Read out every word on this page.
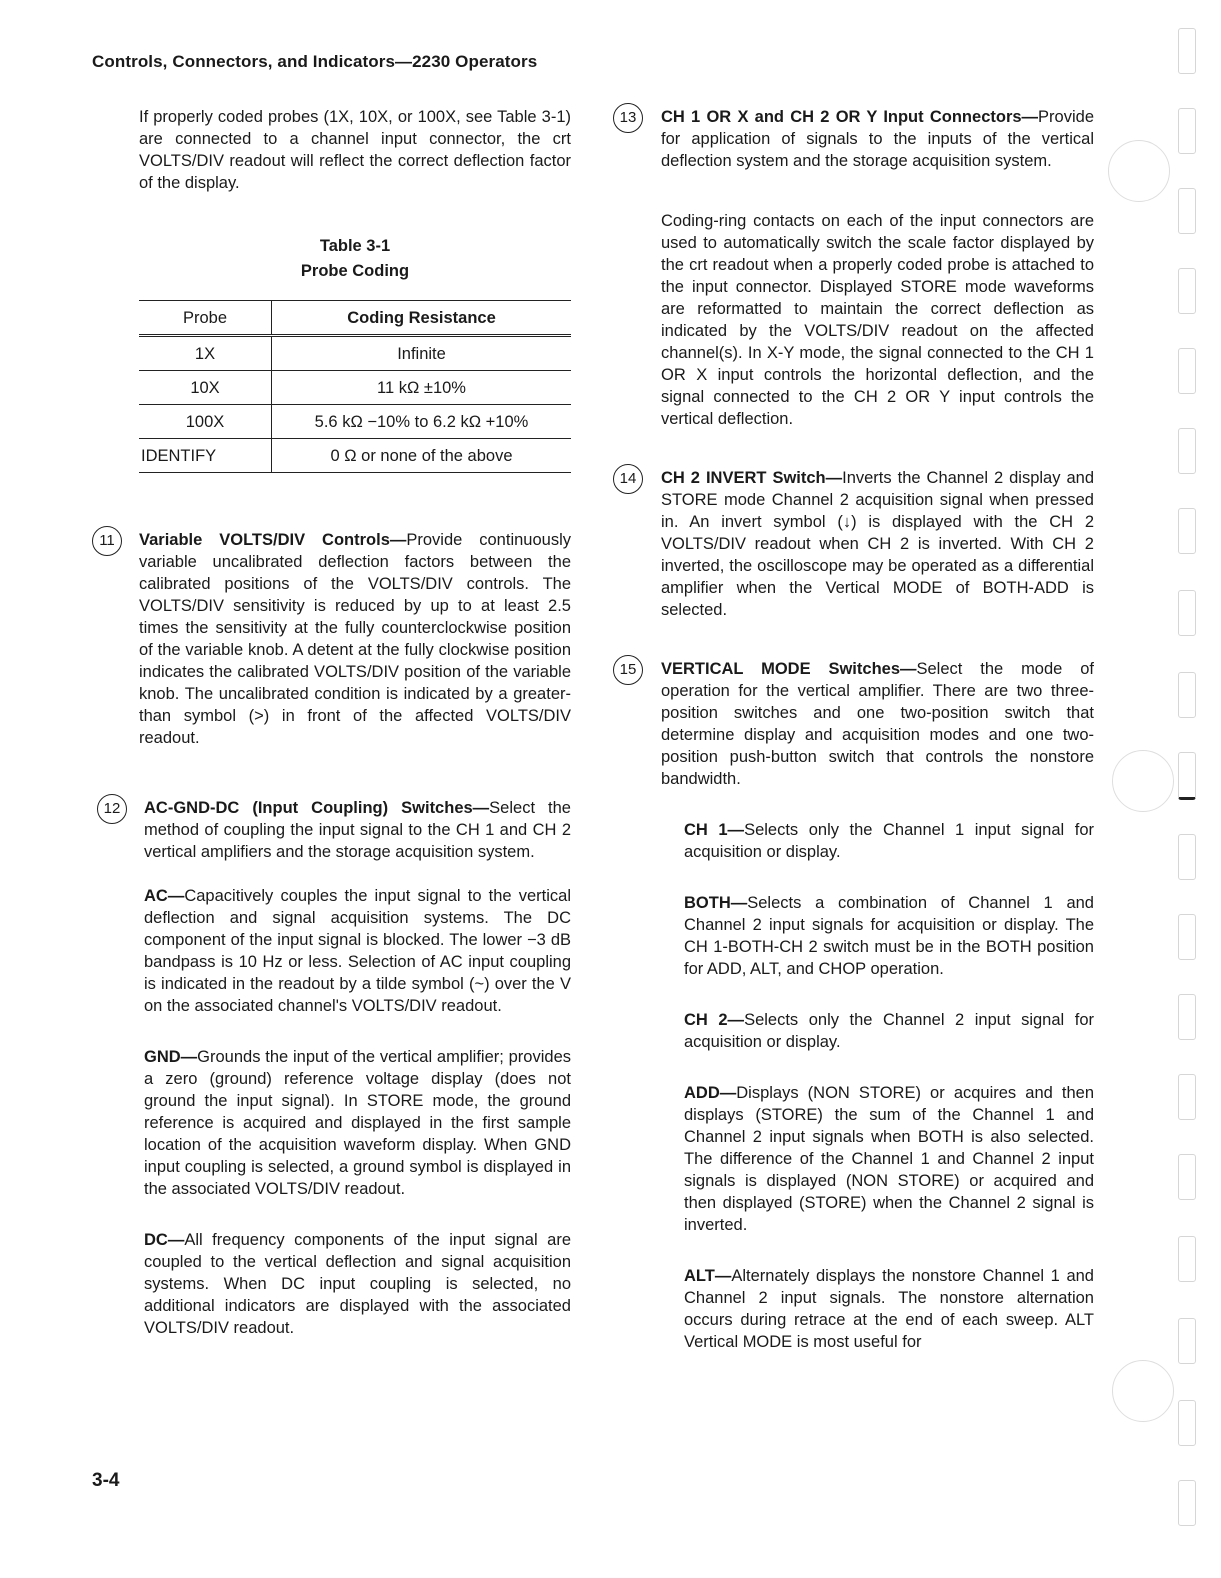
Controls, Connectors, and Indicators—2230 Operators

If properly coded probes (1X, 10X, or 100X, see Table 3-1) are connected to a channel input connector, the crt VOLTS/DIV readout will reflect the correct deflection factor of the display.

Table 3-1
Probe Coding
Probe	Coding Resistance
1X	Infinite
10X	11 kΩ ±10%
100X	5.6 kΩ −10% to 6.2 kΩ +10%
IDENTIFY	0 Ω or none of the above
11	Variable VOLTS/DIV Controls—Provide continuously variable uncalibrated deflection factors between the calibrated positions of the VOLTS/DIV controls. The VOLTS/DIV sensitivity is reduced by up to at least 2.5 times the sensitivity at the fully counterclockwise position of the variable knob. A detent at the fully clockwise position indicates the calibrated VOLTS/DIV position of the variable knob. The uncalibrated condition is indicated by a greater-than symbol (>) in front of the affected VOLTS/DIV readout.

12	AC-GND-DC (Input Coupling) Switches—Select the method of coupling the input signal to the CH 1 and CH 2 vertical amplifiers and the storage acquisition system.

AC—Capacitively couples the input signal to the vertical deflection and signal acquisition systems. The DC component of the input signal is blocked. The lower −3 dB bandpass is 10 Hz or less. Selection of AC input coupling is indicated in the readout by a tilde symbol (~) over the V on the associated channel's VOLTS/DIV readout.

GND—Grounds the input of the vertical amplifier; provides a zero (ground) reference voltage display (does not ground the input signal). In STORE mode, the ground reference is acquired and displayed in the first sample location of the acquisition waveform display. When GND input coupling is selected, a ground symbol is displayed in the associated VOLTS/DIV readout.

DC—All frequency components of the input signal are coupled to the vertical deflection and signal acquisition systems. When DC input coupling is selected, no additional indicators are displayed with the associated VOLTS/DIV readout.

13	CH 1 OR X and CH 2 OR Y Input Connectors—Provide for application of signals to the inputs of the vertical deflection system and the storage acquisition system.

Coding-ring contacts on each of the input connectors are used to automatically switch the scale factor displayed by the crt readout when a properly coded probe is attached to the input connector. Displayed STORE mode waveforms are reformatted to maintain the correct deflection as indicated by the VOLTS/DIV readout on the affected channel(s). In X-Y mode, the signal connected to the CH 1 OR X input controls the horizontal deflection, and the signal connected to the CH 2 OR Y input controls the vertical deflection.

14	CH 2 INVERT Switch—Inverts the Channel 2 display and STORE mode Channel 2 acquisition signal when pressed in. An invert symbol (↓) is displayed with the CH 2 VOLTS/DIV readout when CH 2 is inverted. With CH 2 inverted, the oscilloscope may be operated as a differential amplifier when the Vertical MODE of BOTH-ADD is selected.

15	VERTICAL MODE Switches—Select the mode of operation for the vertical amplifier. There are two three-position switches and one two-position switch that determine display and acquisition modes and one two-position push-button switch that controls the nonstore bandwidth.

CH 1—Selects only the Channel 1 input signal for acquisition or display.

BOTH—Selects a combination of Channel 1 and Channel 2 input signals for acquisition or display. The CH 1-BOTH-CH 2 switch must be in the BOTH position for ADD, ALT, and CHOP operation.

CH 2—Selects only the Channel 2 input signal for acquisition or display.

ADD—Displays (NON STORE) or acquires and then displays (STORE) the sum of the Channel 1 and Channel 2 input signals when BOTH is also selected. The difference of the Channel 1 and Channel 2 input signals is displayed (NON STORE) or acquired and then displayed (STORE) when the Channel 2 signal is inverted.

ALT—Alternately displays the nonstore Channel 1 and Channel 2 input signals. The nonstore alternation occurs during retrace at the end of each sweep. ALT Vertical MODE is most useful for

3-4
